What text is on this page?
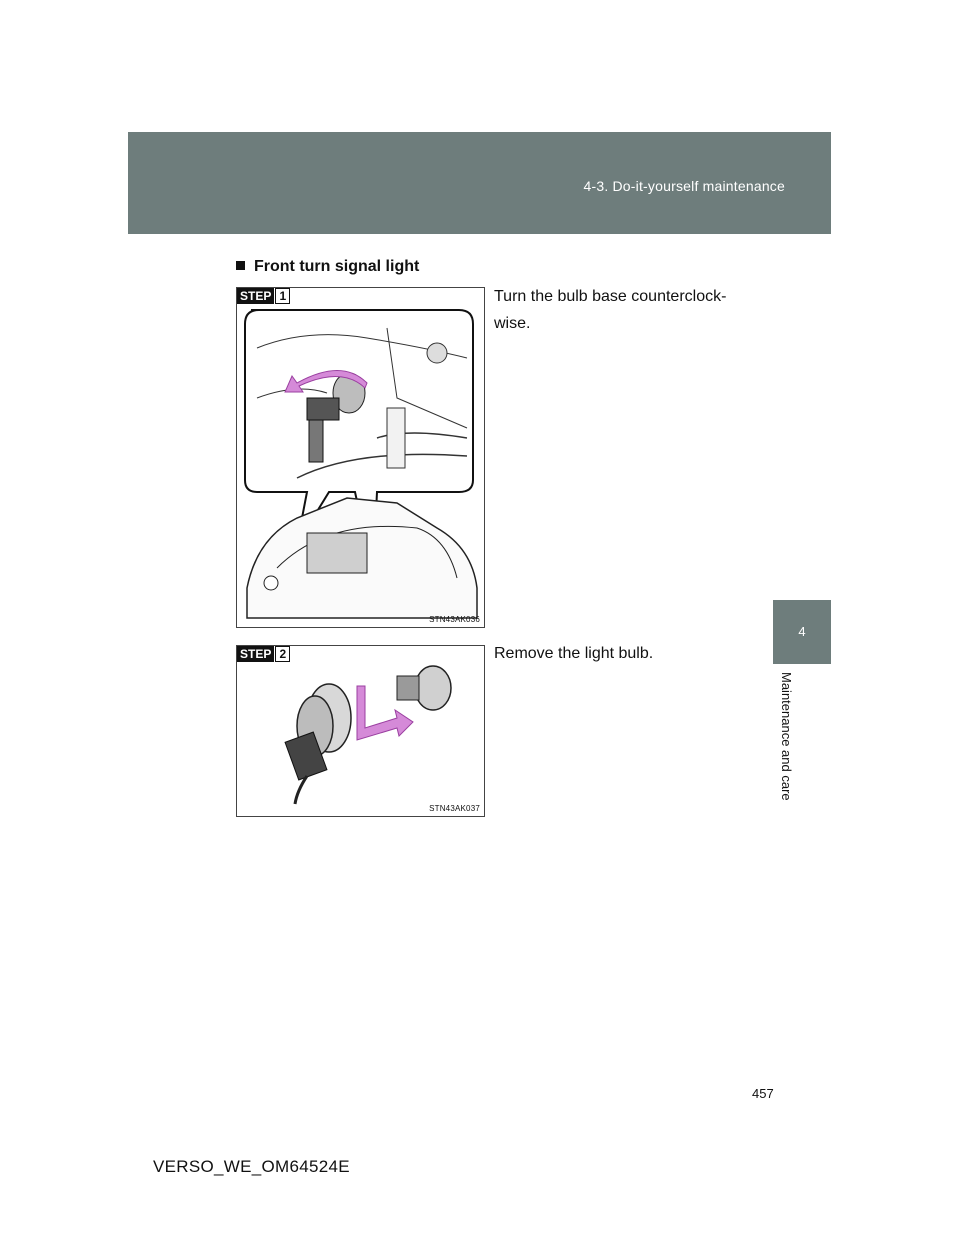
4-3. Do-it-yourself maintenance
4
Maintenance and care
Front turn signal light
STEP 1
STN43AK036
Turn the bulb base counterclock-
wise.
STEP 2
STN43AK037
Remove the light bulb.
457
VERSO_WE_OM64524E
